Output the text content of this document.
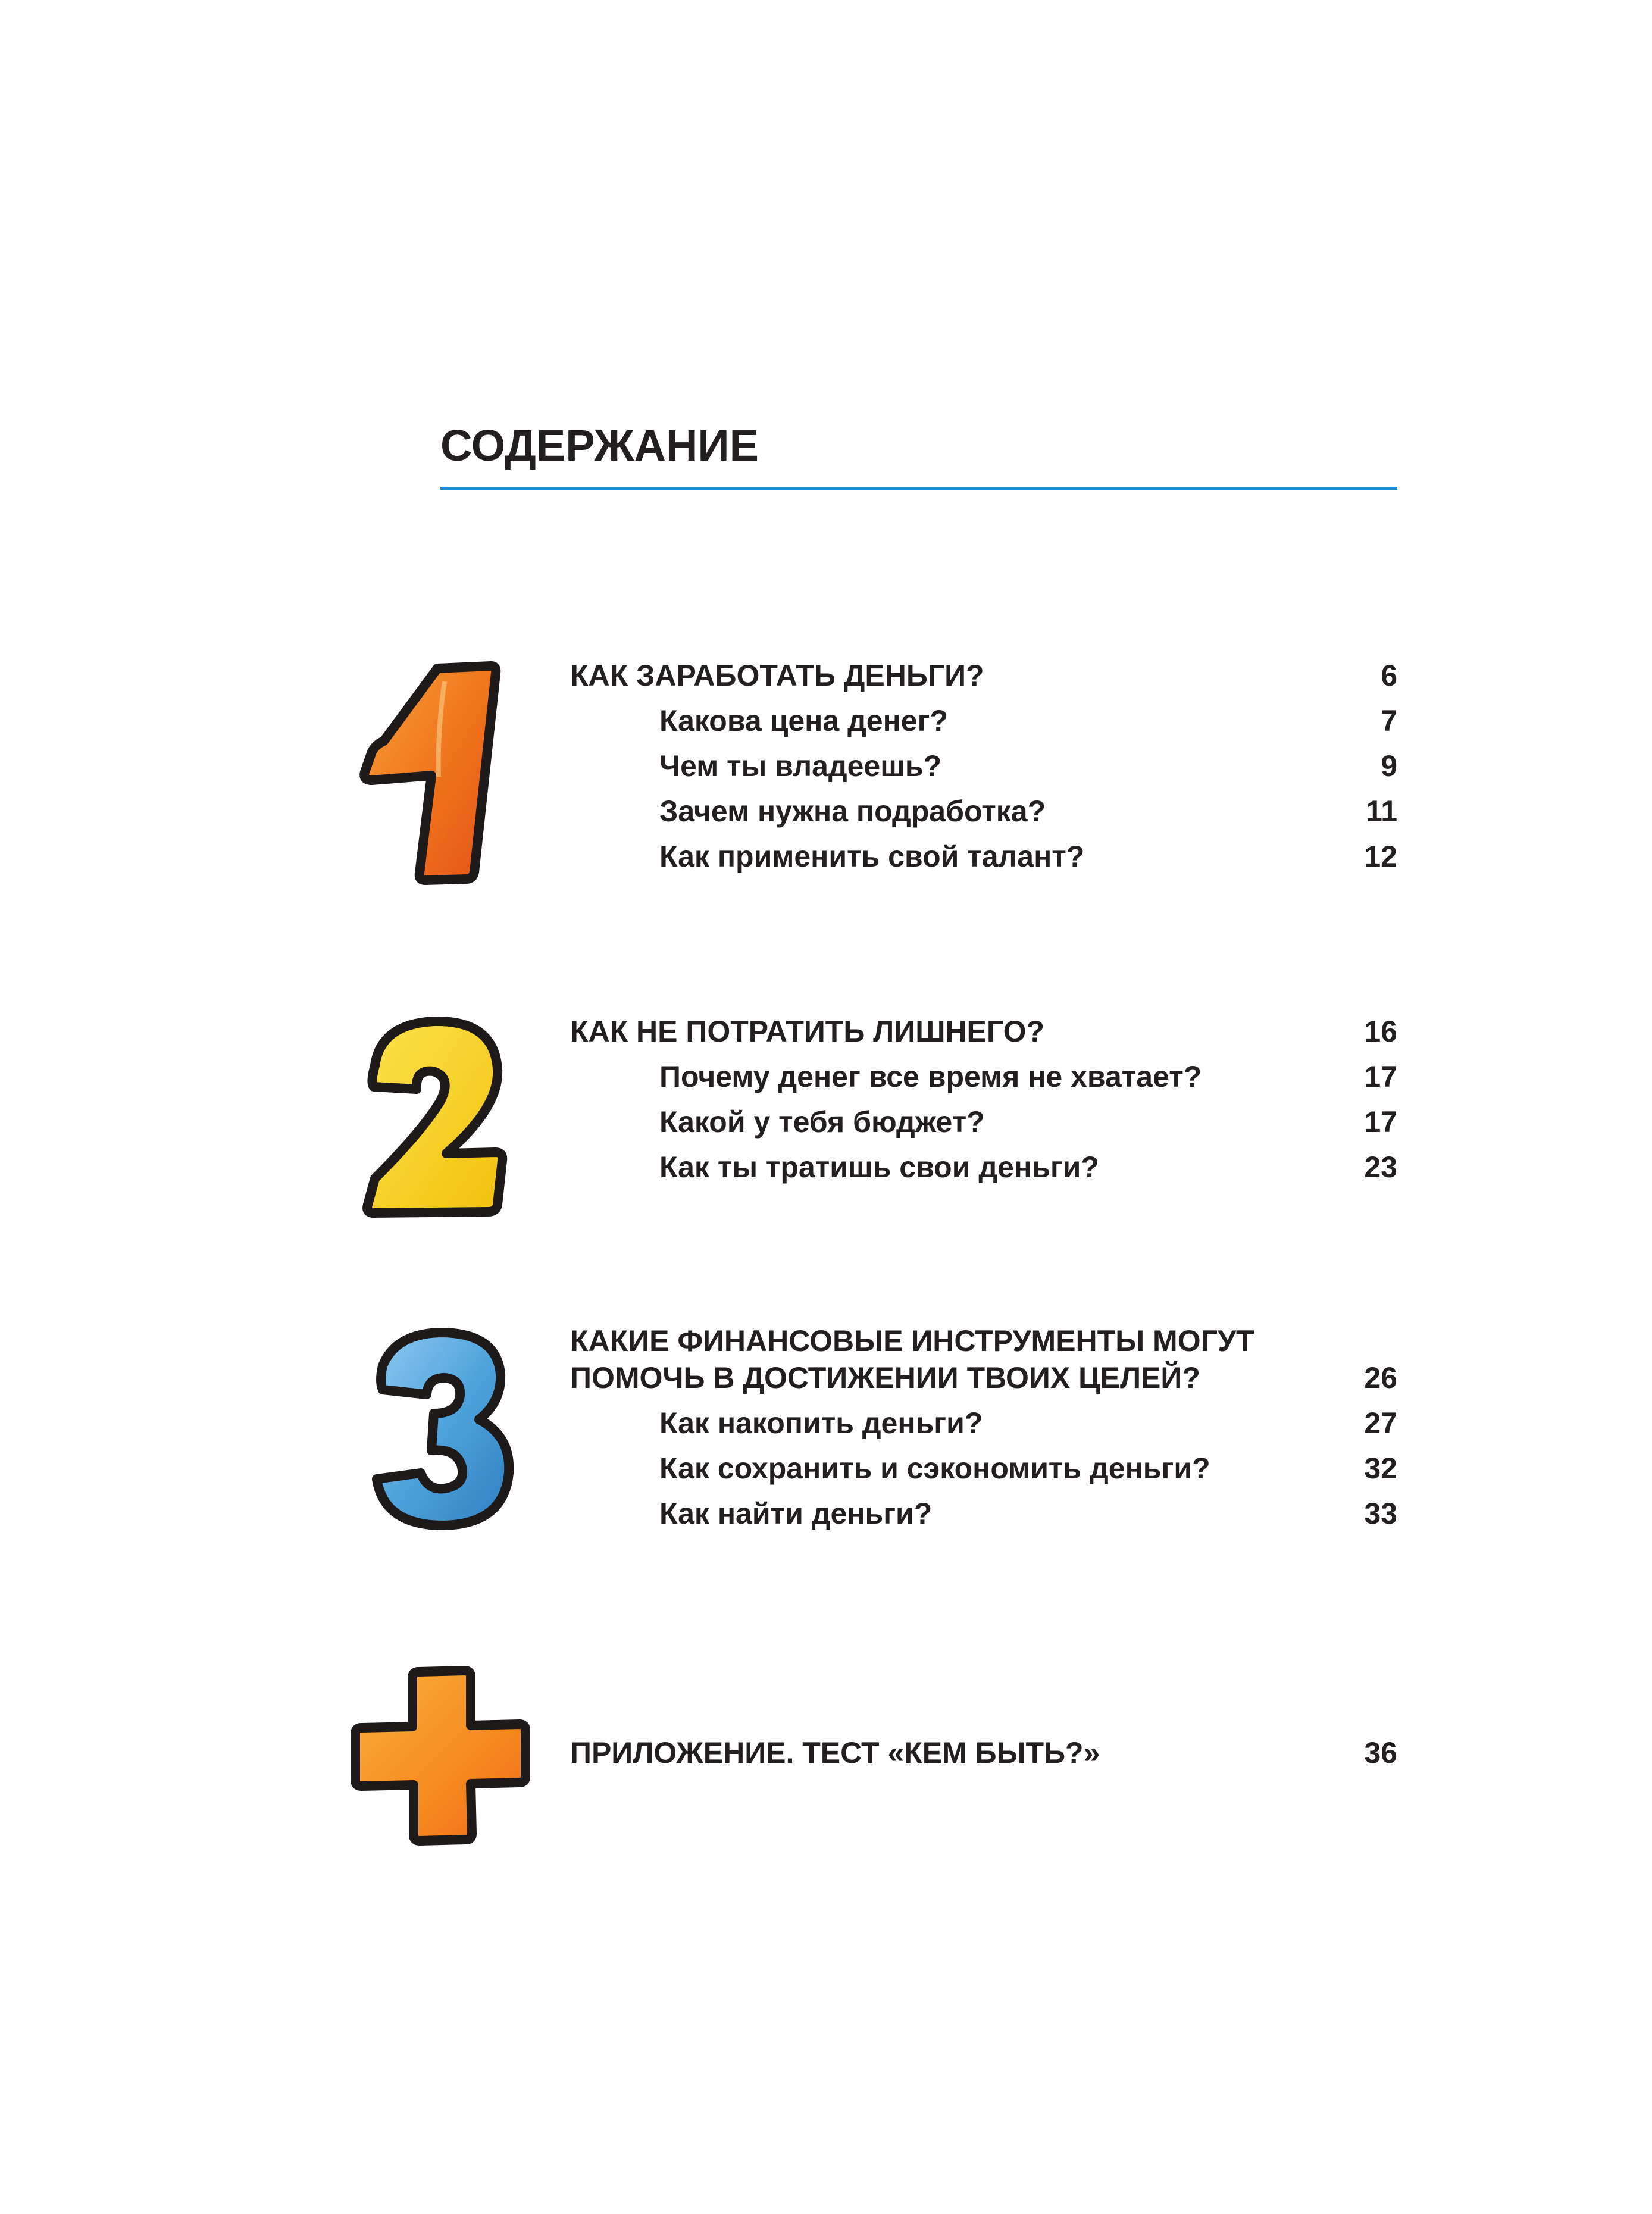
СОДЕРЖАНИЕ
КАК ЗАРАБОТАТЬ ДЕНЬГИ?	6
Какова цена денег?	7
Чем ты владеешь?	9
Зачем нужна подработка?	11
Как применить свой талант?	12
КАК НЕ ПОТРАТИТЬ ЛИШНЕГО?	16
Почему денег все время не хватает?	17
Какой у тебя бюджет?	17
Как ты тратишь свои деньги?	23
КАКИЕ ФИНАНСОВЫЕ ИНСТРУМЕНТЫ МОГУТ
ПОМОЧЬ В ДОСТИЖЕНИИ ТВОИХ ЦЕЛЕЙ?	26
Как накопить деньги?	27
Как сохранить и сэкономить деньги?	32
Как найти деньги?	33
ПРИЛОЖЕНИЕ. ТЕСТ «КЕМ БЫТЬ?»	36
